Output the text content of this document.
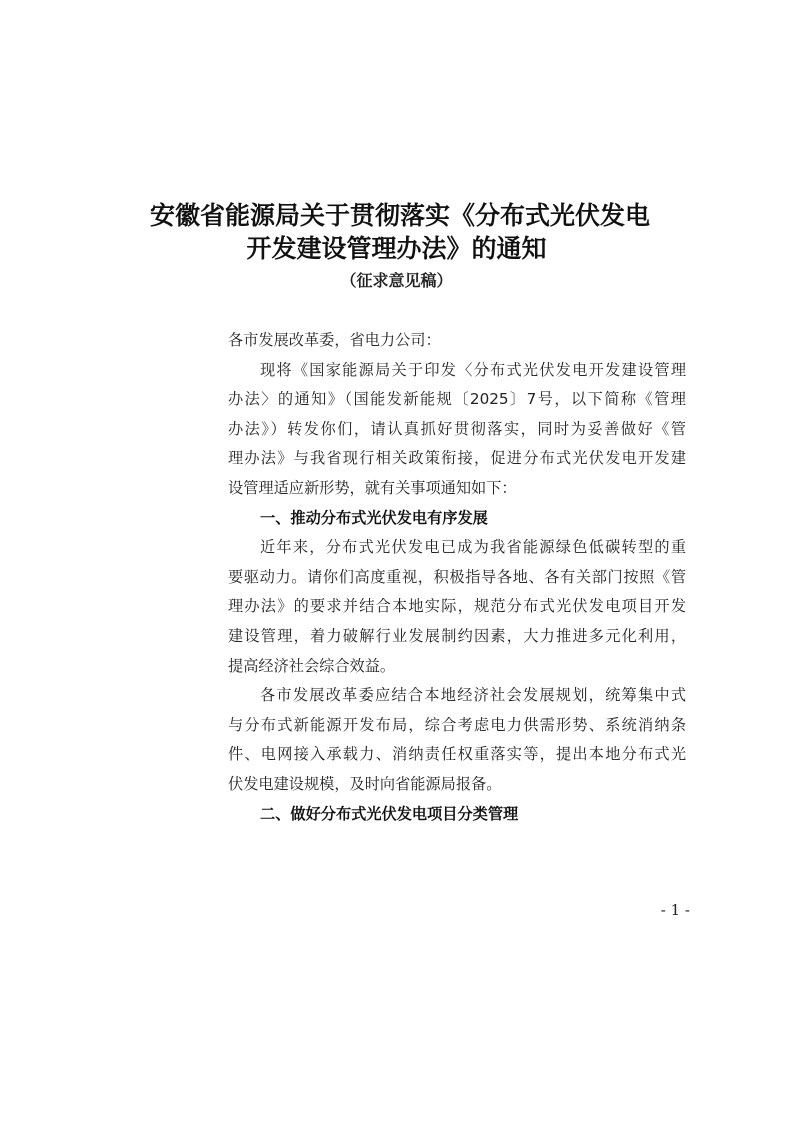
安徽省能源局关于贯彻落实《分布式光伏发电
开发建设管理办法》的通知
（征求意见稿）
各市发展改革委，省电力公司：
现将《国家能源局关于印发〈分布式光伏发电开发建设管理
办法〉的通知》（国能发新能规〔2025〕7号，以下简称《管理
办法》）转发你们，请认真抓好贯彻落实，同时为妥善做好《管
理办法》与我省现行相关政策衔接，促进分布式光伏发电开发建
设管理适应新形势，就有关事项通知如下：
一、推动分布式光伏发电有序发展
近年来，分布式光伏发电已成为我省能源绿色低碳转型的重
要驱动力。请你们高度重视，积极指导各地、各有关部门按照《管
理办法》的要求并结合本地实际，规范分布式光伏发电项目开发
建设管理，着力破解行业发展制约因素，大力推进多元化利用，
提高经济社会综合效益。
各市发展改革委应结合本地经济社会发展规划，统筹集中式
与分布式新能源开发布局，综合考虑电力供需形势、系统消纳条
件、电网接入承载力、消纳责任权重落实等，提出本地分布式光
伏发电建设规模，及时向省能源局报备。
二、做好分布式光伏发电项目分类管理
- 1 -
